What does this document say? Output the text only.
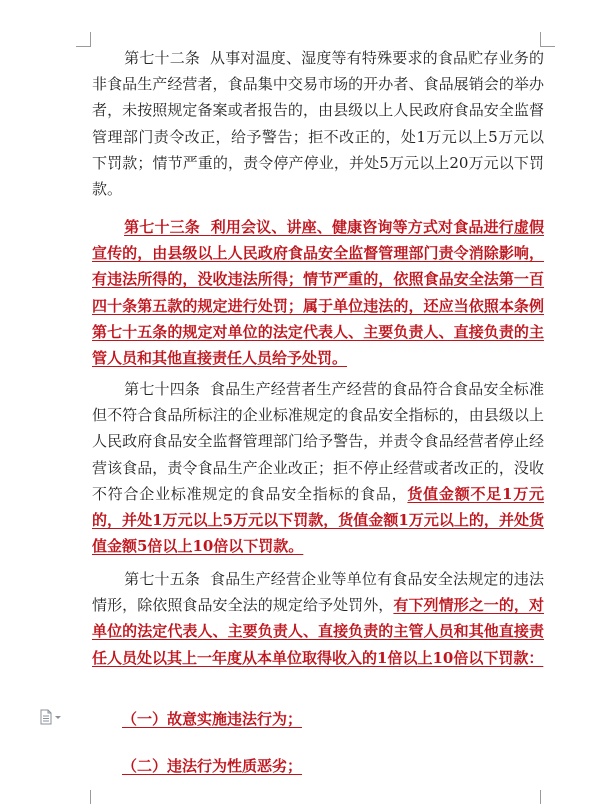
第七十二条 从事对温度、湿度等有特殊要求的食品贮存业务的非食品生产经营者，食品集中交易市场的开办者、食品展销会的举办者，未按照规定备案或者报告的，由县级以上人民政府食品安全监督管理部门责令改正，给予警告；拒不改正的，处1万元以上5万元以下罚款；情节严重的，责令停产停业，并处5万元以上20万元以下罚款。
第七十三条 利用会议、讲座、健康咨询等方式对食品进行虚假宣传的，由县级以上人民政府食品安全监督管理部门责令消除影响，有违法所得的，没收违法所得；情节严重的，依照食品安全法第一百四十条第五款的规定进行处罚；属于单位违法的，还应当依照本条例第七十五条的规定对单位的法定代表人、主要负责人、直接负责的主管人员和其他直接责任人员给予处罚。
第七十四条 食品生产经营者生产经营的食品符合食品安全标准但不符合食品所标注的企业标准规定的食品安全指标的，由县级以上人民政府食品安全监督管理部门给予警告，并责令食品经营者停止经营该食品，责令食品生产企业改正；拒不停止经营或者改正的，没收不符合企业标准规定的食品安全指标的食品，货值金额不足1万元的，并处1万元以上5万元以下罚款，货值金额1万元以上的，并处货值金额5倍以上10倍以下罚款。
第七十五条 食品生产经营企业等单位有食品安全法规定的违法情形，除依照食品安全法的规定给予处罚外，有下列情形之一的，对单位的法定代表人、主要负责人、直接负责的主管人员和其他直接责任人员处以其上一年度从本单位取得收入的1倍以上10倍以下罚款：
（一）故意实施违法行为；
（二）违法行为性质恶劣；
